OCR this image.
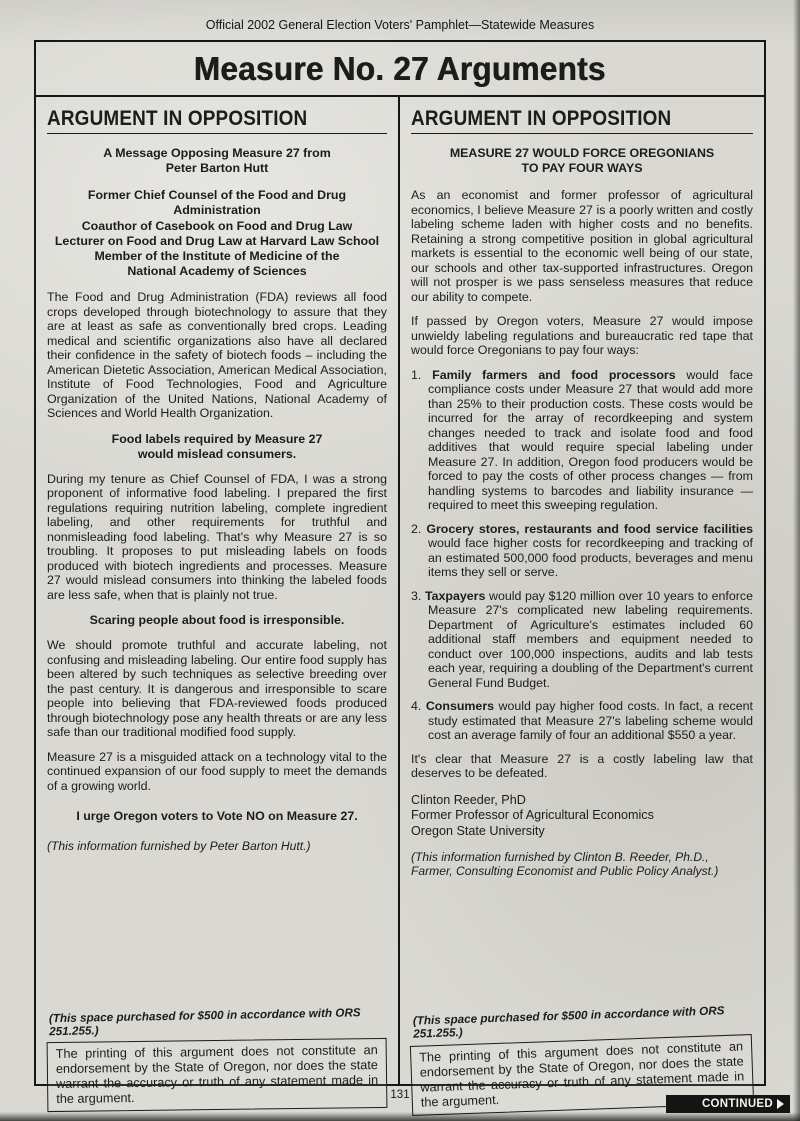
Official 2002 General Election Voters' Pamphlet—Statewide Measures
Measure No. 27 Arguments
ARGUMENT IN OPPOSITION
A Message Opposing Measure 27 from
Peter Barton Hutt
Former Chief Counsel of the Food and Drug Administration
Coauthor of Casebook on Food and Drug Law
Lecturer on Food and Drug Law at Harvard Law School
Member of the Institute of Medicine of the
National Academy of Sciences

The Food and Drug Administration (FDA) reviews all food crops developed through biotechnology to assure that they are at least as safe as conventionally bred crops. Leading medical and scientific organizations also have all declared their confidence in the safety of biotech foods – including the American Dietetic Association, American Medical Association, Institute of Food Technologies, Food and Agriculture Organization of the United Nations, National Academy of Sciences and World Health Organization.

Food labels required by Measure 27
would mislead consumers.

During my tenure as Chief Counsel of FDA, I was a strong proponent of informative food labeling. I prepared the first regulations requiring nutrition labeling, complete ingredient labeling, and other requirements for truthful and nonmisleading food labeling. That's why Measure 27 is so troubling. It proposes to put misleading labels on foods produced with biotech ingredients and processes. Measure 27 would mislead consumers into thinking the labeled foods are less safe, when that is plainly not true.

Scaring people about food is irresponsible.

We should promote truthful and accurate labeling, not confusing and misleading labeling. Our entire food supply has been altered by such techniques as selective breeding over the past century. It is dangerous and irresponsible to scare people into believing that FDA-reviewed foods produced through biotechnology pose any health threats or are any less safe than our traditional modified food supply.

Measure 27 is a misguided attack on a technology vital to the continued expansion of our food supply to meet the demands of a growing world.

I urge Oregon voters to Vote NO on Measure 27.

(This information furnished by Peter Barton Hutt.)

(This space purchased for $500 in accordance with ORS 251.255.)

The printing of this argument does not constitute an endorsement by the State of Oregon, nor does the state warrant the accuracy or truth of any statement made in the argument.

ARGUMENT IN OPPOSITION
MEASURE 27 WOULD FORCE OREGONIANS
TO PAY FOUR WAYS

As an economist and former professor of agricultural economics, I believe Measure 27 is a poorly written and costly labeling scheme laden with higher costs and no benefits. Retaining a strong competitive position in global agricultural markets is essential to the economic well being of our state, our schools and other tax-supported infrastructures. Oregon will not prosper is we pass senseless measures that reduce our ability to compete.

If passed by Oregon voters, Measure 27 would impose unwieldy labeling regulations and bureaucratic red tape that would force Oregonians to pay four ways:

1. Family farmers and food processors would face compliance costs under Measure 27 that would add more than 25% to their production costs. These costs would be incurred for the array of recordkeeping and system changes needed to track and isolate food and food additives that would require special labeling under Measure 27. In addition, Oregon food producers would be forced to pay the costs of other process changes — from handling systems to barcodes and liability insurance — required to meet this sweeping regulation.

2. Grocery stores, restaurants and food service facilities would face higher costs for recordkeeping and tracking of an estimated 500,000 food products, beverages and menu items they sell or serve.

3. Taxpayers would pay $120 million over 10 years to enforce Measure 27's complicated new labeling requirements. Department of Agriculture's estimates included 60 additional staff members and equipment needed to conduct over 100,000 inspections, audits and lab tests each year, requiring a doubling of the Department's current General Fund Budget.

4. Consumers would pay higher food costs. In fact, a recent study estimated that Measure 27's labeling scheme would cost an average family of four an additional $550 a year.

It's clear that Measure 27 is a costly labeling law that deserves to be defeated.

Clinton Reeder, PhD
Former Professor of Agricultural Economics
Oregon State University

(This information furnished by Clinton B. Reeder, Ph.D., Farmer, Consulting Economist and Public Policy Analyst.)

(This space purchased for $500 in accordance with ORS 251.255.)

The printing of this argument does not constitute an endorsement by the State of Oregon, nor does the state warrant the accuracy or truth of any statement made in the argument.

131
CONTINUED
